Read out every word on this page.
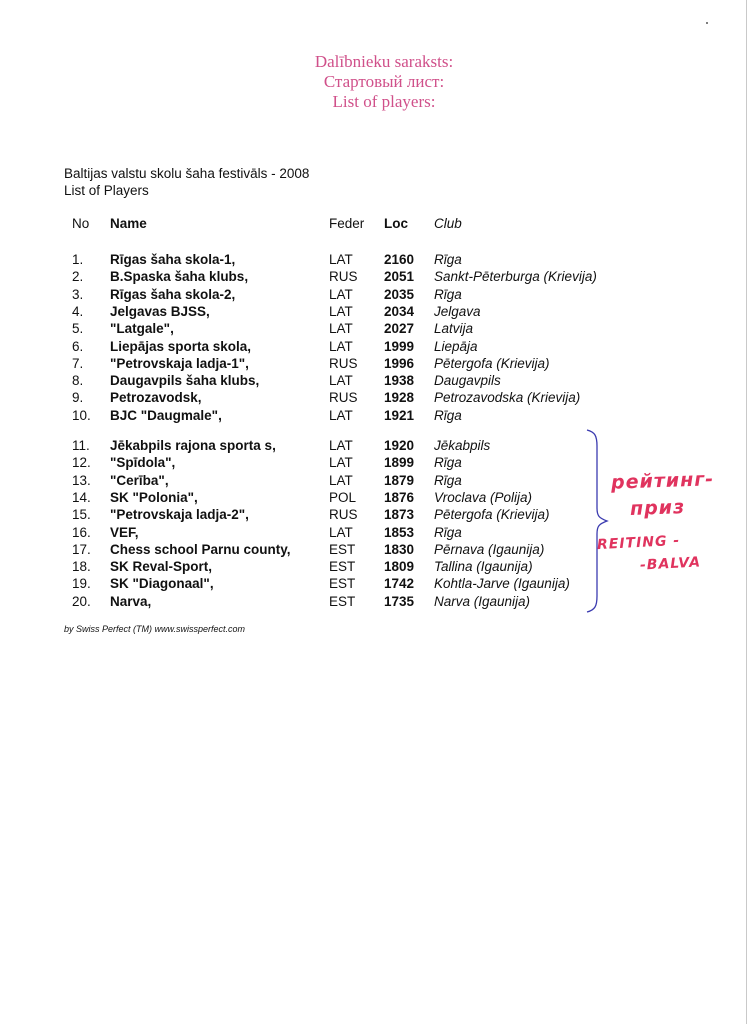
Dalībnieku saraksts:
Стартовый лист:
List of players:
Baltijas valstu skolu šaha festivāls - 2008
List of Players
No Name	Feder Loc Club
1. Rīgas šaha skola-1,	LAT 2160 Rīga
2. B.Spaska šaha klubs,	RUS 2051 Sankt-Pēterburga (Krievija)
3. Rīgas šaha skola-2,	LAT 2035 Rīga
4. Jelgavas BJSS,	LAT 2034 Jelgava
5. "Latgale",	LAT 2027 Latvija
6. Liepājas sporta skola,	LAT 1999 Liepāja
7. "Petrovskaja ladja-1",	RUS 1996 Pētergofa (Krievija)
8. Daugavpils šaha klubs,	LAT 1938 Daugavpils
9. Petrozavodsk,	RUS 1928 Petrozavodska (Krievija)
10. BJC "Daugmale",	LAT 1921 Rīga
11. Jēkabpils rajona sporta s,	LAT 1920 Jēkabpils
12. "Spīdola",	LAT 1899 Rīga
13. "Cerība",	LAT 1879 Rīga
14. SK "Polonia",	POL 1876 Vroclava (Polija)
15. "Petrovskaja ladja-2",	RUS 1873 Pētergofa (Krievija)
16. VEF,	LAT 1853 Rīga
17. Chess school Parnu county,	EST 1830 Pērnava (Igaunija)
18. SK Reval-Sport,	EST 1809 Tallina (Igaunija)
19. SK "Diagonaal",	EST 1742 Kohtla-Jarve (Igaunija)
20. Narva,	EST 1735 Narva (Igaunija)
by Swiss Perfect (TM) www.swissperfect.com
рейтинг-
приз
REITING -
-BALVA
